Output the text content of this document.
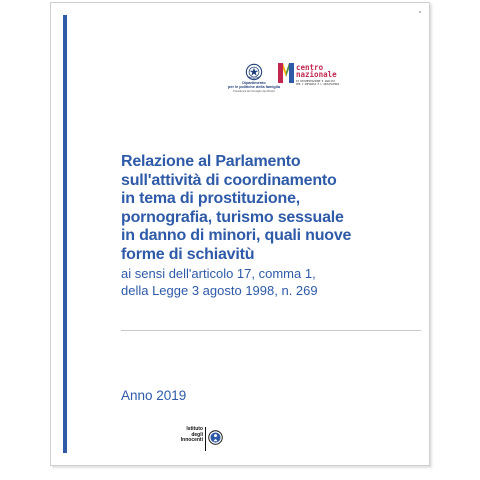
Dipartimento
per le politiche della famiglia
Presidenza del Consiglio dei Ministri
centro
nazionale
DI DOCUMENTAZIONE E ANALISI
PER L'INFANZIA E L'ADOLESCENZA
Relazione al Parlamento
sull'attività di coordinamento
in tema di prostituzione,
pornografia, turismo sessuale
in danno di minori, quali nuove
forme di schiavitù
ai sensi dell'articolo 17, comma 1,
della Legge 3 agosto 1998, n. 269
Anno 2019
Istituto
degli
Innocenti
